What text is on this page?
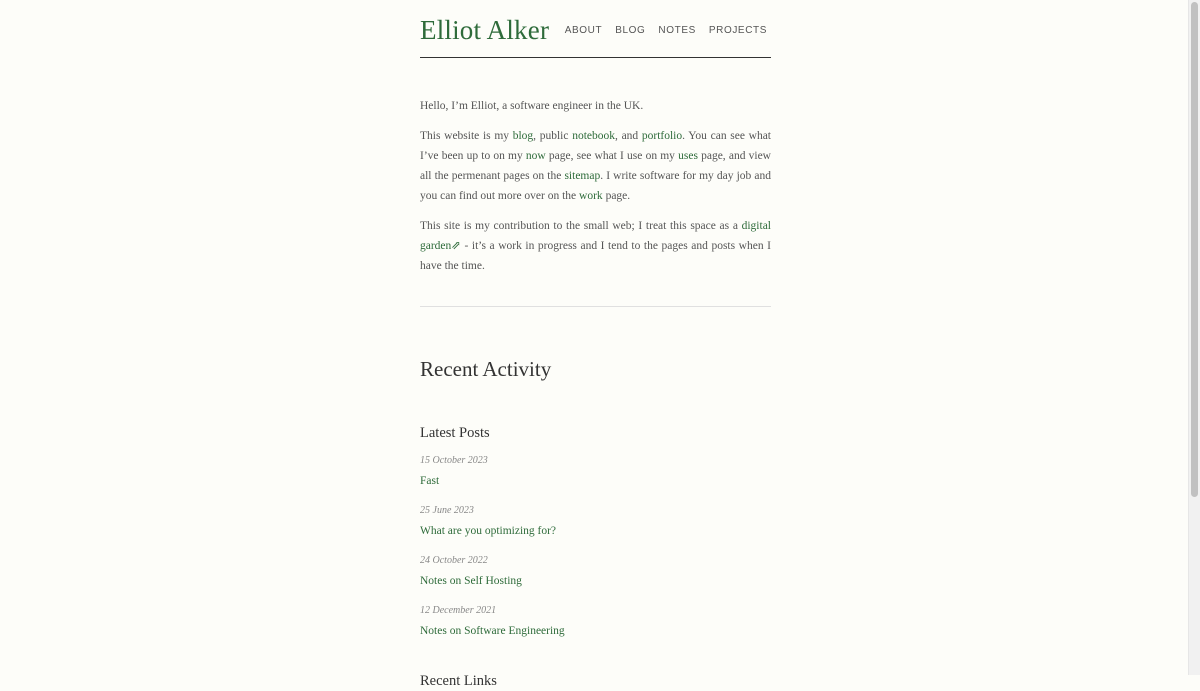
Elliot Alker ABOUT BLOG NOTES PROJECTS

Hello, I’m Elliot, a software engineer in the UK.

This website is my blog, public notebook, and portfolio. You can see what I’ve been up to on my now page, see what I use on my uses page, and view all the permenant pages on the sitemap. I write software for my day job and you can find out more over on the work page.

This site is my contribution to the small web; I treat this space as a digital garden⇗ - it’s a work in progress and I tend to the pages and posts when I have the time.

Recent Activity
Latest Posts
15 October 2023
Fast
25 June 2023
What are you optimizing for?
24 October 2022
Notes on Self Hosting
12 December 2021
Notes on Software Engineering
Recent Links
